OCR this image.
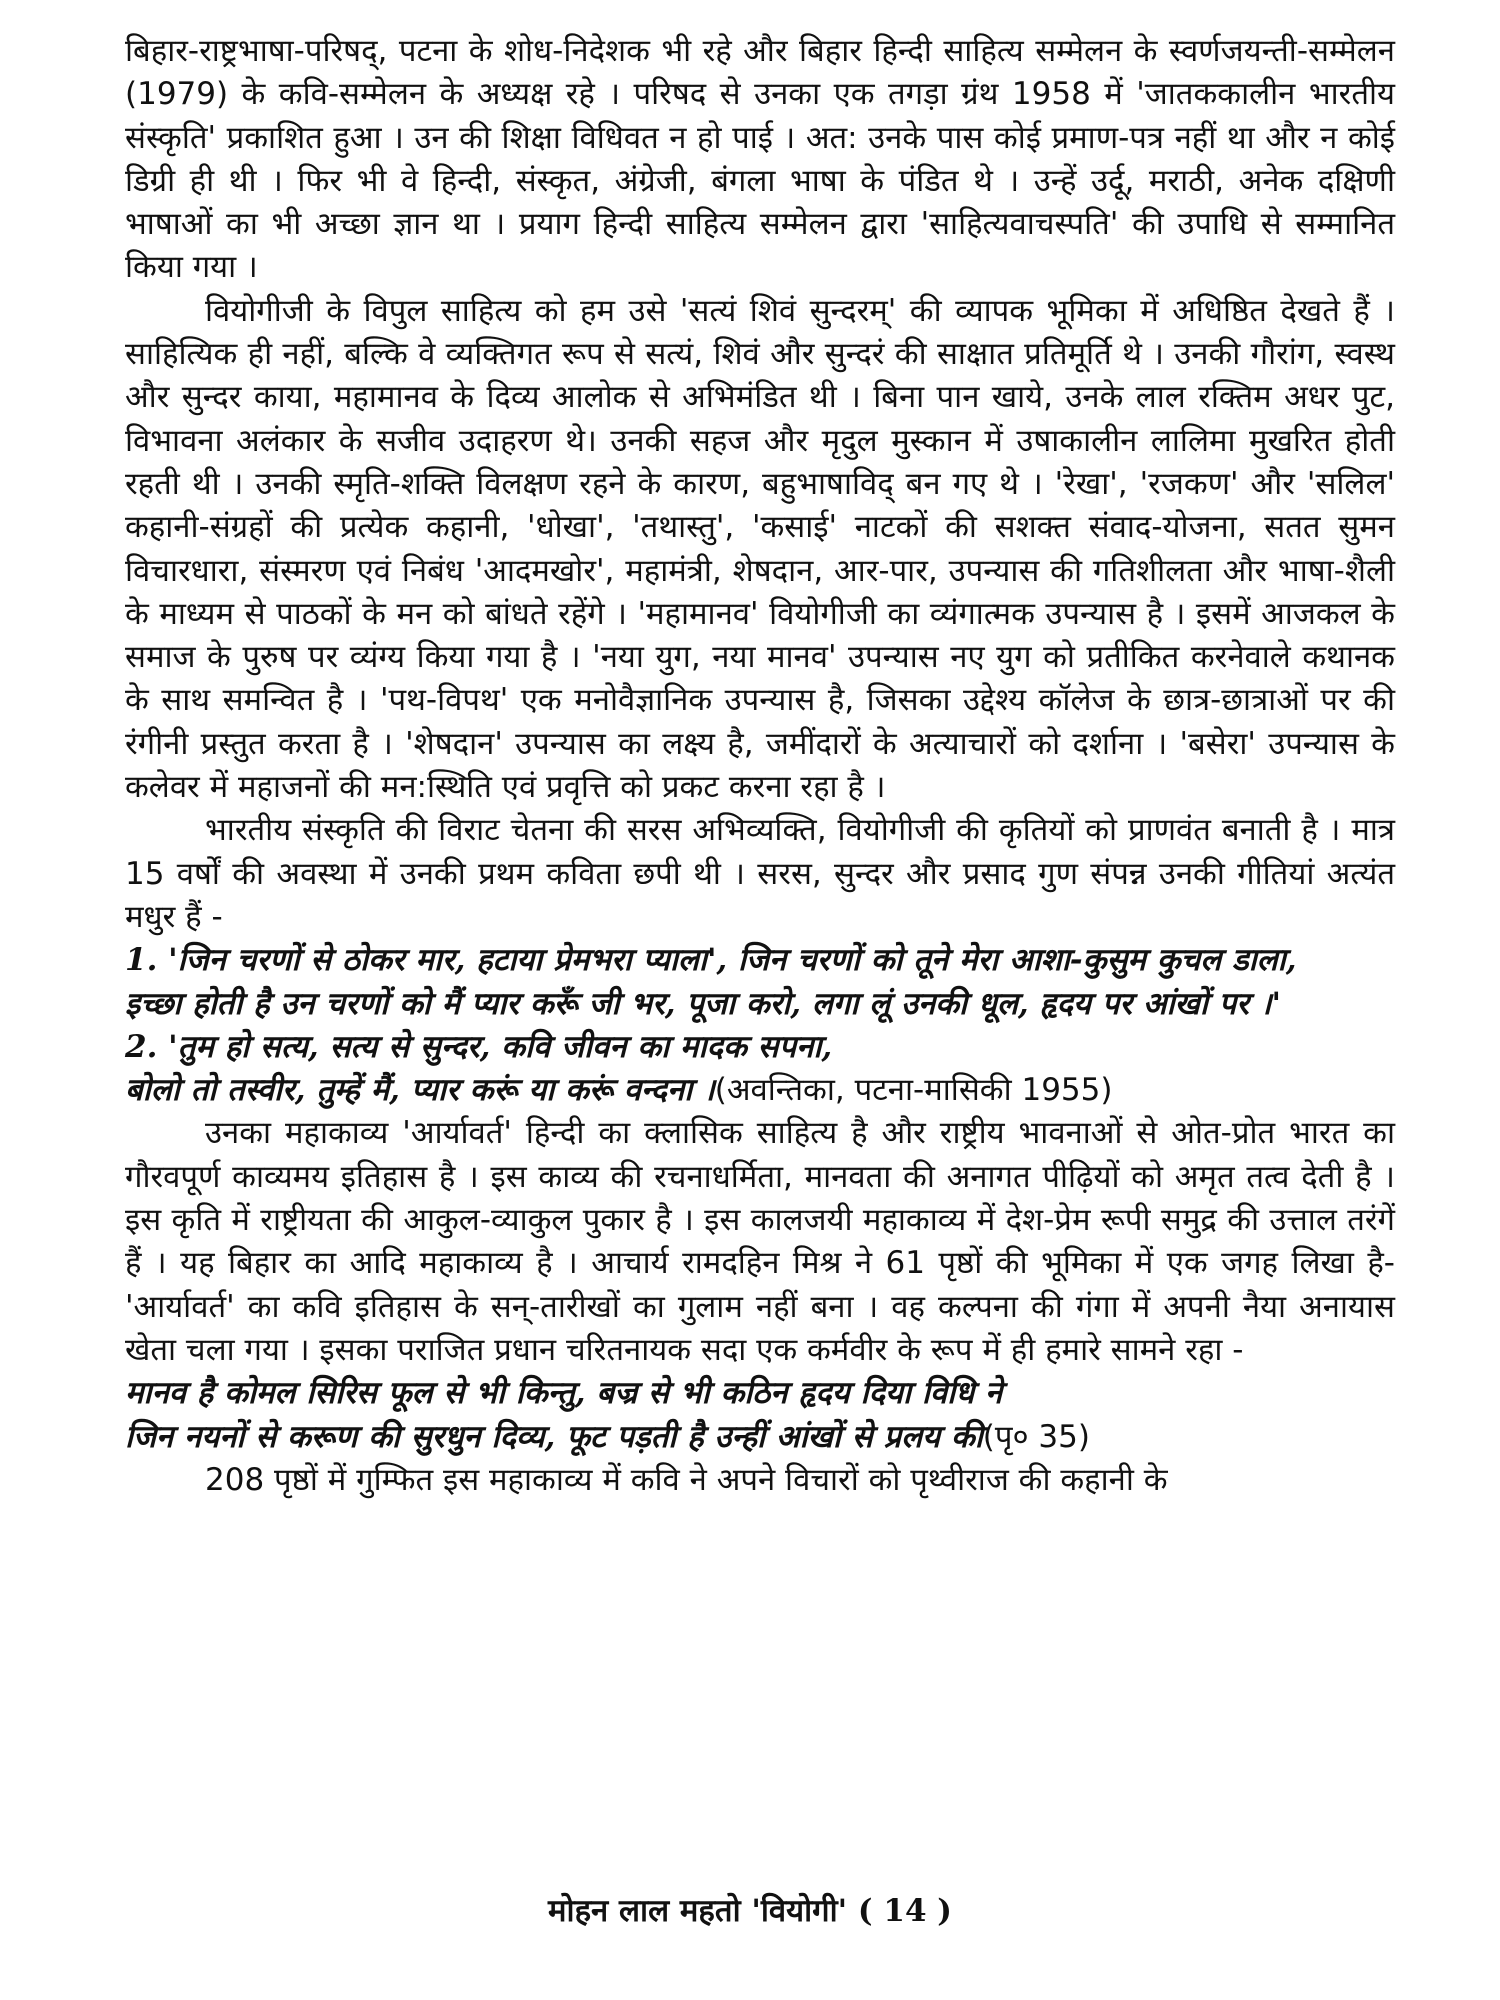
बिहार-राष्ट्रभाषा-परिषद्, पटना के शोध-निदेशक भी रहे और बिहार हिन्दी साहित्य सम्मेलन के स्वर्णजयन्ती-सम्मेलन (1979) के कवि-सम्मेलन के अध्यक्ष रहे । परिषद से उनका एक तगड़ा ग्रंथ 1958 में 'जातककालीन भारतीय संस्कृति' प्रकाशित हुआ । उन की शिक्षा विधिवत न हो पाई । अत: उनके पास कोई प्रमाण-पत्र नहीं था और न कोई डिग्री ही थी । फिर भी वे हिन्दी, संस्कृत, अंग्रेजी, बंगला भाषा के पंडित थे । उन्हें उर्दू, मराठी, अनेक दक्षिणी भाषाओं का भी अच्छा ज्ञान था । प्रयाग हिन्दी साहित्य सम्मेलन द्वारा 'साहित्यवाचस्पति' की उपाधि से सम्मानित किया गया ।

वियोगीजी के विपुल साहित्य को हम उसे 'सत्यं शिवं सुन्दरम्' की व्यापक भूमिका में अधिष्ठित देखते हैं । साहित्यिक ही नहीं, बल्कि वे व्यक्तिगत रूप से सत्यं, शिवं और सुन्दरं की साक्षात प्रतिमूर्ति थे । उनकी गौरांग, स्वस्थ और सुन्दर काया, महामानव के दिव्य आलोक से अभिमंडित थी । बिना पान खाये, उनके लाल रक्तिम अधर पुट, विभावना अलंकार के सजीव उदाहरण थे। उनकी सहज और मृदुल मुस्कान में उषाकालीन लालिमा मुखरित होती रहती थी । उनकी स्मृति-शक्ति विलक्षण रहने के कारण, बहुभाषाविद् बन गए थे । 'रेखा', 'रजकण' और 'सलिल' कहानी-संग्रहों की प्रत्येक कहानी, 'धोखा', 'तथास्तु', 'कसाई' नाटकों की सशक्त संवाद-योजना, सतत सुमन विचारधारा, संस्मरण एवं निबंध 'आदमखोर', महामंत्री, शेषदान, आर-पार, उपन्यास की गतिशीलता और भाषा-शैली के माध्यम से पाठकों के मन को बांधते रहेंगे । 'महामानव' वियोगीजी का व्यंगात्मक उपन्यास है । इसमें आजकल के समाज के पुरुष पर व्यंग्य किया गया है । 'नया युग, नया मानव' उपन्यास नए युग को प्रतीकित करनेवाले कथानक के साथ समन्वित है । 'पथ-विपथ' एक मनोवैज्ञानिक उपन्यास है, जिसका उद्देश्य कॉलेज के छात्र-छात्राओं पर की रंगीनी प्रस्तुत करता है । 'शेषदान' उपन्यास का लक्ष्य है, जमींदारों के अत्याचारों को दर्शाना । 'बसेरा' उपन्यास के कलेवर में महाजनों की मन:स्थिति एवं प्रवृत्ति को प्रकट करना रहा है ।

भारतीय संस्कृति की विराट चेतना की सरस अभिव्यक्ति, वियोगीजी की कृतियों को प्राणवंत बनाती है । मात्र 15 वर्षों की अवस्था में उनकी प्रथम कविता छपी थी । सरस, सुन्दर और प्रसाद गुण संपन्न उनकी गीतियां अत्यंत मधुर हैं -

1. 'जिन चरणों से ठोकर मार, हटाया प्रेमभरा प्याला', जिन चरणों को तूने मेरा आशा-कुसुम कुचल डाला,

इच्छा होती है उन चरणों को मैं प्यार करूँ जी भर, पूजा करो, लगा लूं उनकी धूल, हृदय पर आंखों पर ।'

2. 'तुम हो सत्य, सत्य से सुन्दर, कवि जीवन का मादक सपना,

बोलो तो तस्वीर, तुम्हें मैं, प्यार करूं या करूं वन्दना ।(अवन्तिका, पटना-मासिकी 1955)

उनका महाकाव्य 'आर्यावर्त' हिन्दी का क्लासिक साहित्य है और राष्ट्रीय भावनाओं से ओत-प्रोत भारत का गौरवपूर्ण काव्यमय इतिहास है । इस काव्य की रचनाधर्मिता, मानवता की अनागत पीढ़ियों को अमृत तत्व देती है । इस कृति में राष्ट्रीयता की आकुल-व्याकुल पुकार है । इस कालजयी महाकाव्य में देश-प्रेम रूपी समुद्र की उत्ताल तरंगें हैं । यह बिहार का आदि महाकाव्य है । आचार्य रामदहिन मिश्र ने 61 पृष्ठों की भूमिका में एक जगह लिखा है- 'आर्यावर्त' का कवि इतिहास के सन्-तारीखों का गुलाम नहीं बना । वह कल्पना की गंगा में अपनी नैया अनायास खेता चला गया । इसका पराजित प्रधान चरितनायक सदा एक कर्मवीर के रूप में ही हमारे सामने रहा -

मानव है कोमल सिरिस फूल से भी किन्तु, बज्र से भी कठिन हृदय दिया विधि ने

जिन नयनों से करूण की सुरधुन दिव्य, फूट पड़ती है उन्हीं आंखों से प्रलय की(पृ० 35)

208 पृष्ठों में गुम्फित इस महाकाव्य में कवि ने अपने विचारों को पृथ्वीराज की कहानी के

मोहन लाल महतो 'वियोगी' ( 14 )
